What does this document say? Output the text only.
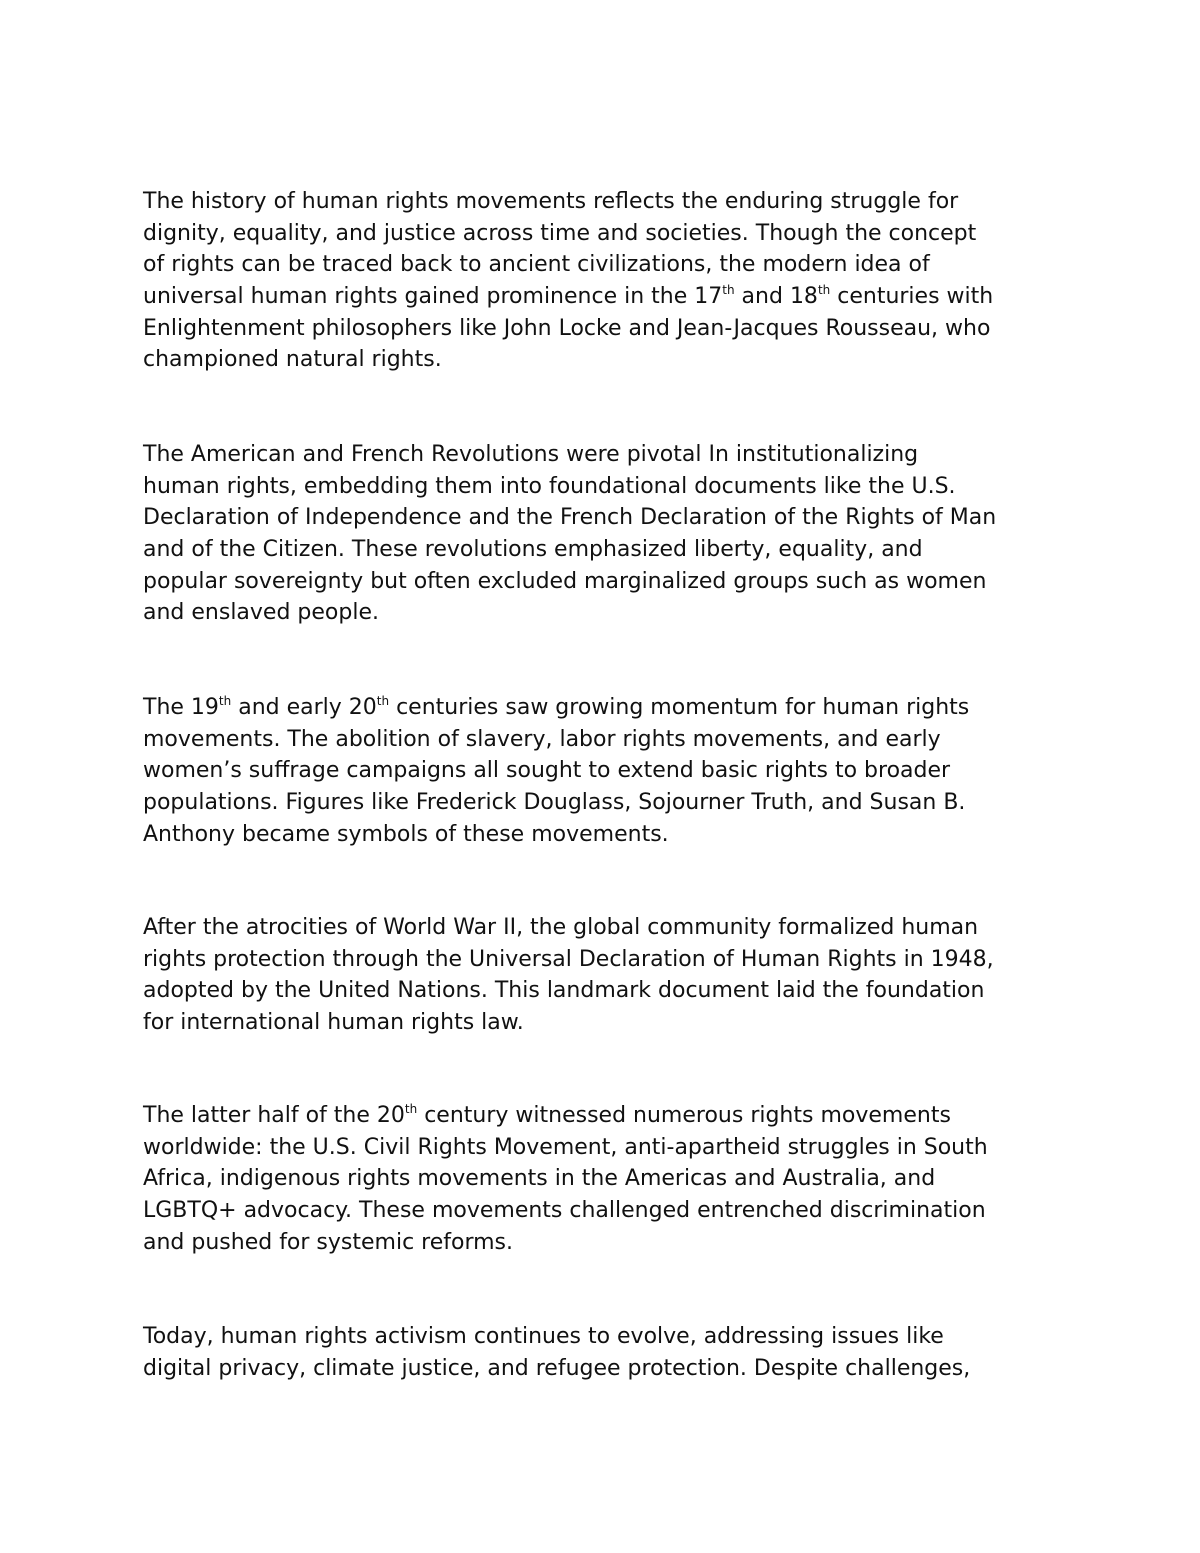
The history of human rights movements reflects the enduring struggle for
dignity, equality, and justice across time and societies. Though the concept
of rights can be traced back to ancient civilizations, the modern idea of
universal human rights gained prominence in the 17th and 18th centuries with
Enlightenment philosophers like John Locke and Jean-Jacques Rousseau, who
championed natural rights.
The American and French Revolutions were pivotal In institutionalizing
human rights, embedding them into foundational documents like the U.S.
Declaration of Independence and the French Declaration of the Rights of Man
and of the Citizen. These revolutions emphasized liberty, equality, and
popular sovereignty but often excluded marginalized groups such as women
and enslaved people.
The 19th and early 20th centuries saw growing momentum for human rights
movements. The abolition of slavery, labor rights movements, and early
women’s suffrage campaigns all sought to extend basic rights to broader
populations. Figures like Frederick Douglass, Sojourner Truth, and Susan B.
Anthony became symbols of these movements.
After the atrocities of World War II, the global community formalized human
rights protection through the Universal Declaration of Human Rights in 1948,
adopted by the United Nations. This landmark document laid the foundation
for international human rights law.
The latter half of the 20th century witnessed numerous rights movements
worldwide: the U.S. Civil Rights Movement, anti-apartheid struggles in South
Africa, indigenous rights movements in the Americas and Australia, and
LGBTQ+ advocacy. These movements challenged entrenched discrimination
and pushed for systemic reforms.
Today, human rights activism continues to evolve, addressing issues like
digital privacy, climate justice, and refugee protection. Despite challenges,
